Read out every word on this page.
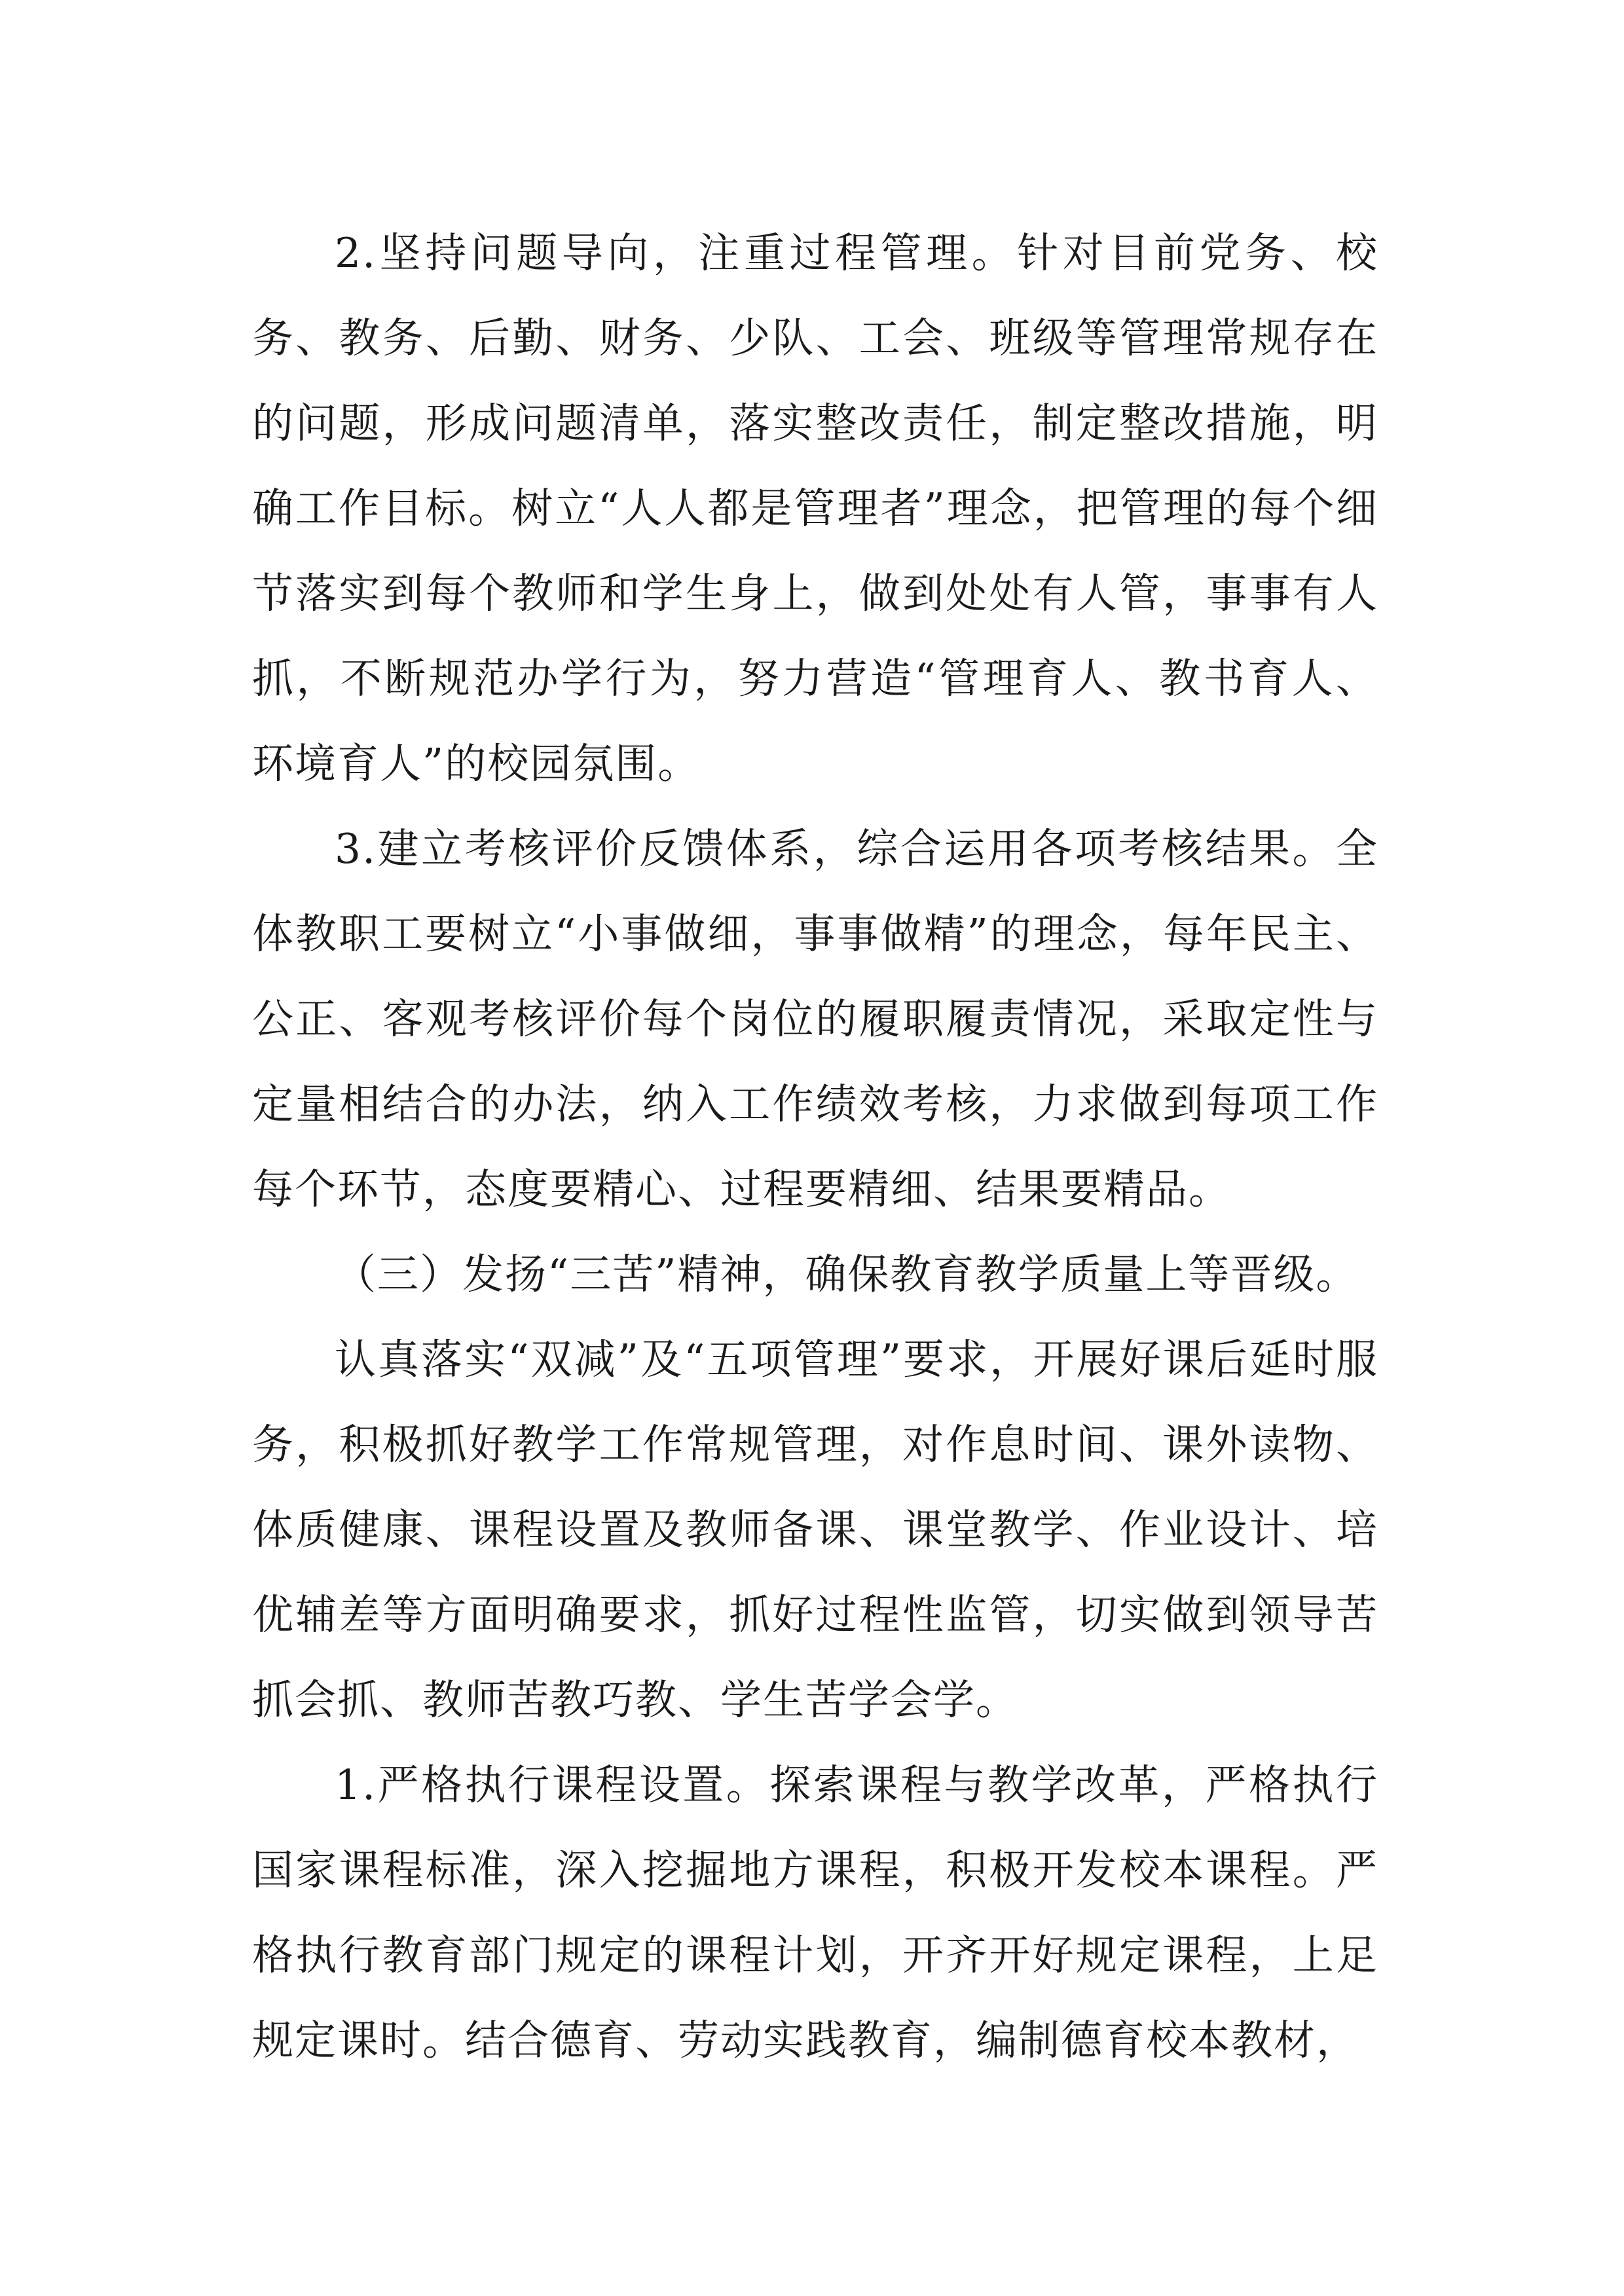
2.坚持问题导向，注重过程管理。针对目前党务、校务、教务、后勤、财务、少队、工会、班级等管理常规存在的问题，形成问题清单，落实整改责任，制定整改措施，明确工作目标。树立“人人都是管理者”理念，把管理的每个细节落实到每个教师和学生身上，做到处处有人管，事事有人抓，不断规范办学行为，努力营造“管理育人、教书育人、环境育人”的校园氛围。

3.建立考核评价反馈体系，综合运用各项考核结果。全体教职工要树立“小事做细，事事做精”的理念，每年民主、公正、客观考核评价每个岗位的履职履责情况，采取定性与定量相结合的办法，纳入工作绩效考核，力求做到每项工作每个环节，态度要精心、过程要精细、结果要精品。

（三）发扬“三苦”精神，确保教育教学质量上等晋级。

认真落实“双减”及“五项管理”要求，开展好课后延时服务，积极抓好教学工作常规管理，对作息时间、课外读物、体质健康、课程设置及教师备课、课堂教学、作业设计、培优辅差等方面明确要求，抓好过程性监管，切实做到领导苦抓会抓、教师苦教巧教、学生苦学会学。

1.严格执行课程设置。探索课程与教学改革，严格执行国家课程标准，深入挖掘地方课程，积极开发校本课程。严格执行教育部门规定的课程计划，开齐开好规定课程，上足规定课时。结合德育、劳动实践教育，编制德育校本教材，
